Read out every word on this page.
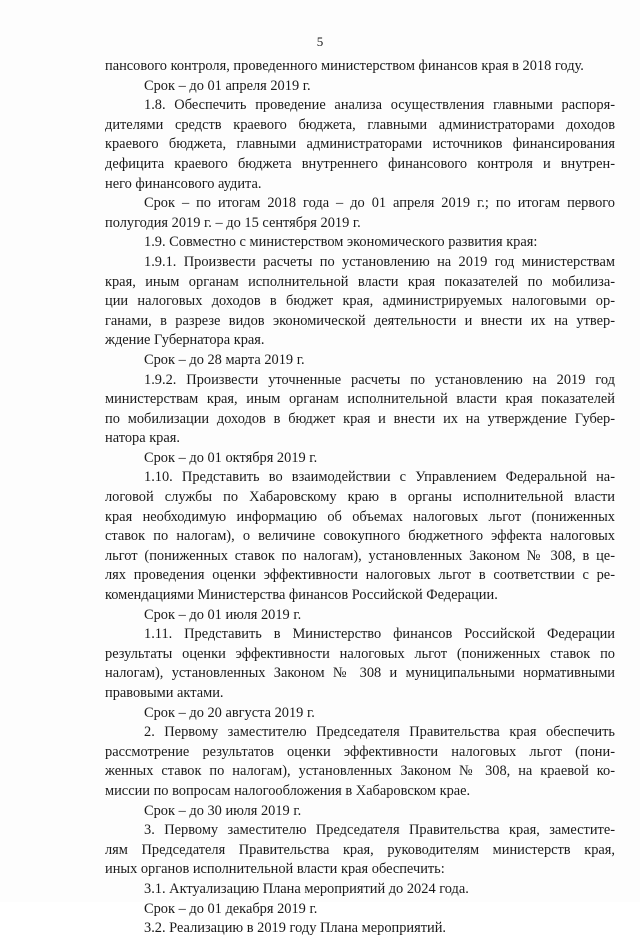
5
пансового контроля, проведенного министерством финансов края в 2018 году.
Срок – до 01 апреля 2019 г.
1.8. Обеспечить проведение анализа осуществления главными распоря-
дителями средств краевого бюджета, главными администраторами доходов
краевого бюджета, главными администраторами источников финансирования
дефицита краевого бюджета внутреннего финансового контроля и внутрен-
него финансового аудита.
Срок – по итогам 2018 года – до 01 апреля 2019 г.; по итогам первого
полугодия 2019 г. – до 15 сентября 2019 г.
1.9. Совместно с министерством экономического развития края:
1.9.1. Произвести расчеты по установлению на 2019 год министерствам
края, иным органам исполнительной власти края показателей по мобилиза-
ции налоговых доходов в бюджет края, администрируемых налоговыми ор-
ганами, в разрезе видов экономической деятельности и внести их на утвер-
ждение Губернатора края.
Срок – до 28 марта 2019 г.
1.9.2. Произвести уточненные расчеты по установлению на 2019 год
министерствам края, иным органам исполнительной власти края показателей
по мобилизации доходов в бюджет края и внести их на утверждение Губер-
натора края.
Срок – до 01 октября 2019 г.
1.10. Представить во взаимодействии с Управлением Федеральной на-
логовой службы по Хабаровскому краю в органы исполнительной власти
края необходимую информацию об объемах налоговых льгот (пониженных
ставок по налогам), о величине совокупного бюджетного эффекта налоговых
льгот (пониженных ставок по налогам), установленных Законом № 308, в це-
лях проведения оценки эффективности налоговых льгот в соответствии с ре-
комендациями Министерства финансов Российской Федерации.
Срок – до 01 июля 2019 г.
1.11. Представить в Министерство финансов Российской Федерации
результаты оценки эффективности налоговых льгот (пониженных ставок по
налогам), установленных Законом № 308 и муниципальными нормативными
правовыми актами.
Срок – до 20 августа 2019 г.
2. Первому заместителю Председателя Правительства края обеспечить
рассмотрение результатов оценки эффективности налоговых льгот (пони-
женных ставок по налогам), установленных Законом № 308, на краевой ко-
миссии по вопросам налогообложения в Хабаровском крае.
Срок – до 30 июля 2019 г.
3. Первому заместителю Председателя Правительства края, заместите-
лям Председателя Правительства края, руководителям министерств края,
иных органов исполнительной власти края обеспечить:
3.1. Актуализацию Плана мероприятий до 2024 года.
Срок – до 01 декабря 2019 г.
3.2. Реализацию в 2019 году Плана мероприятий.
